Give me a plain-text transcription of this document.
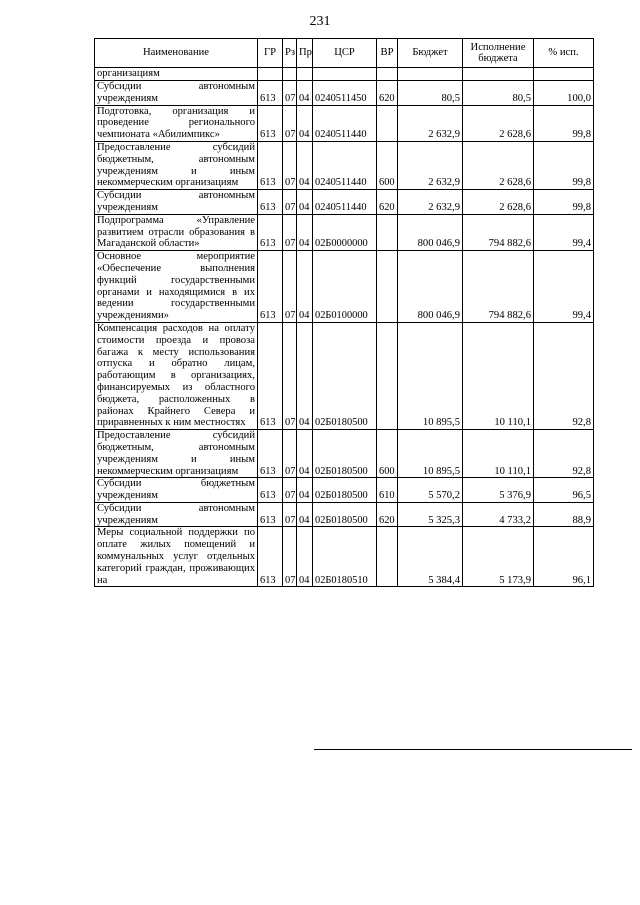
231
Наименование	ГР	Рз	Пр	ЦСР	ВР	Бюджет	Исполнение бюджета	% исп.
организациям								
Субсидии автономным учреждениям	613	07	04	0240511450	620	80,5	80,5	100,0
Подготовка, организация и проведение регионального чемпионата «Абилимпикс»	613	07	04	0240511440		2 632,9	2 628,6	99,8
Предоставление субсидий бюджетным, автономным учреждениям и иным некоммерческим организациям	613	07	04	0240511440	600	2 632,9	2 628,6	99,8
Субсидии автономным учреждениям	613	07	04	0240511440	620	2 632,9	2 628,6	99,8
Подпрограмма «Управление развитием отрасли образования в Магаданской области»	613	07	04	02Б0000000		800 046,9	794 882,6	99,4
Основное мероприятие «Обеспечение выполнения функций государственными органами и находящимися в их ведении государственными учреждениями»	613	07	04	02Б0100000		800 046,9	794 882,6	99,4
Компенсация расходов на оплату стоимости проезда и провоза багажа к месту использования отпуска и обратно лицам, работающим в организациях, финансируемых из областного бюджета, расположенных в районах Крайнего Севера и приравненных к ним местностях	613	07	04	02Б0180500		10 895,5	10 110,1	92,8
Предоставление субсидий бюджетным, автономным учреждениям и иным некоммерческим организациям	613	07	04	02Б0180500	600	10 895,5	10 110,1	92,8
Субсидии бюджетным учреждениям	613	07	04	02Б0180500	610	5 570,2	5 376,9	96,5
Субсидии автономным учреждениям	613	07	04	02Б0180500	620	5 325,3	4 733,2	88,9
Меры социальной поддержки по оплате жилых помещений и коммунальных услуг отдельных категорий граждан, проживающих на	613	07	04	02Б0180510		5 384,4	5 173,9	96,1
